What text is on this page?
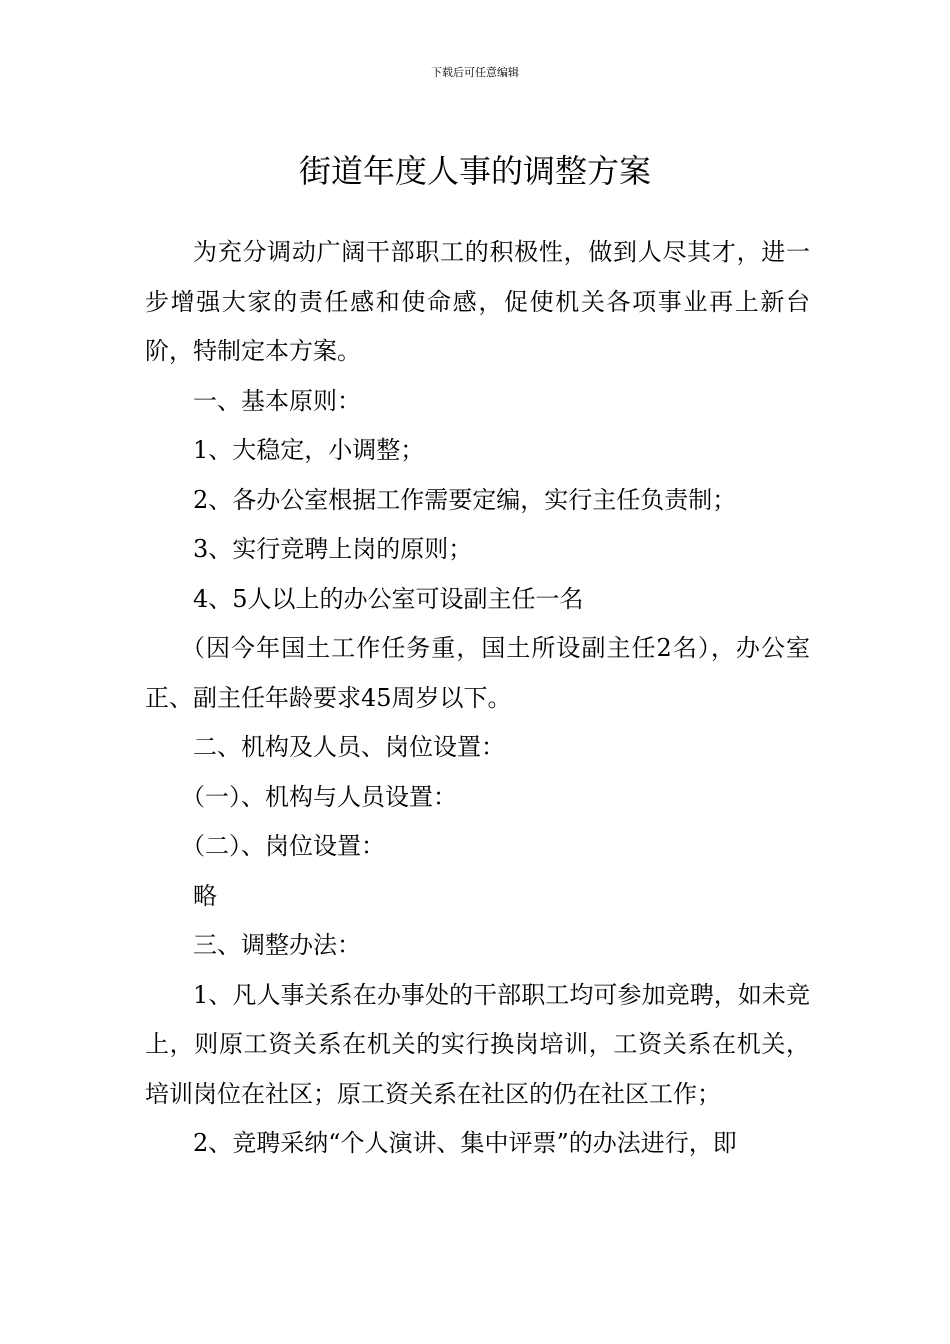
下载后可任意编辑
街道年度人事的调整方案

为充分调动广阔干部职工的积极性，做到人尽其才，进一步增强大家的责任感和使命感，促使机关各项事业再上新台阶，特制定本方案。

一、基本原则：

1、大稳定，小调整；

2、各办公室根据工作需要定编，实行主任负责制；

3、实行竞聘上岗的原则；

4、5人以上的办公室可设副主任一名

（因今年国土工作任务重，国土所设副主任2名），办公室正、副主任年龄要求45周岁以下。

二、机构及人员、岗位设置：

（一）、机构与人员设置：

（二）、岗位设置：

略

三、调整办法：

1、凡人事关系在办事处的干部职工均可参加竞聘，如未竞上，则原工资关系在机关的实行换岗培训，工资关系在机关，培训岗位在社区；原工资关系在社区的仍在社区工作；

2、竞聘采纳“个人演讲、集中评票”的办法进行，即
